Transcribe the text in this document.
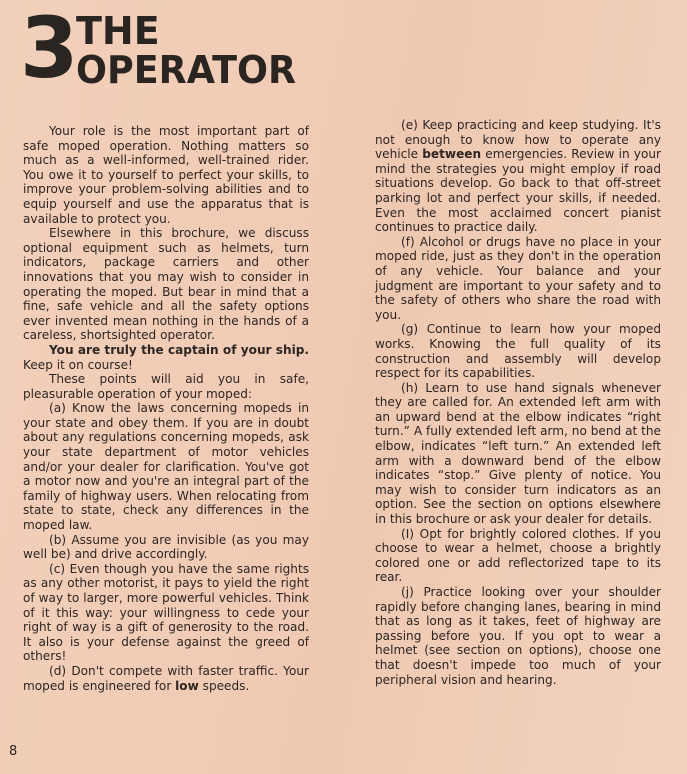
3 THE
OPERATOR

Your role is the most important part of safe moped operation. Nothing matters so much as a well-informed, well-trained rider. You owe it to yourself to perfect your skills, to improve your problem-solving abilities and to equip yourself and use the apparatus that is available to protect you.

Elsewhere in this brochure, we discuss optional equipment such as helmets, turn indicators, package carriers and other innovations that you may wish to consider in operating the moped. But bear in mind that a fine, safe vehicle and all the safety options ever invented mean nothing in the hands of a careless, shortsighted operator.

You are truly the captain of your ship. Keep it on course!

These points will aid you in safe, pleasurable operation of your moped:

(a) Know the laws concerning mopeds in your state and obey them. If you are in doubt about any regulations concerning mopeds, ask your state department of motor vehicles and/or your dealer for clarification. You've got a motor now and you're an integral part of the family of highway users. When relocating from state to state, check any differences in the moped law.

(b) Assume you are invisible (as you may well be) and drive accordingly.

(c) Even though you have the same rights as any other motorist, it pays to yield the right of way to larger, more powerful vehicles. Think of it this way: your willingness to cede your right of way is a gift of generosity to the road. It also is your defense against the greed of others!

(d) Don't compete with faster traffic. Your moped is engineered for low speeds.

(e) Keep practicing and keep studying. It's not enough to know how to operate any vehicle between emergencies. Review in your mind the strategies you might employ if road situations develop. Go back to that off-street parking lot and perfect your skills, if needed. Even the most acclaimed concert pianist continues to practice daily.

(f) Alcohol or drugs have no place in your moped ride, just as they don't in the operation of any vehicle. Your balance and your judgment are important to your safety and to the safety of others who share the road with you.

(g) Continue to learn how your moped works. Knowing the full quality of its construction and assembly will develop respect for its capabilities.

(h) Learn to use hand signals whenever they are called for. An extended left arm with an upward bend at the elbow indicates “right turn.” A fully extended left arm, no bend at the elbow, indicates “left turn.” An extended left arm with a downward bend of the elbow indicates “stop.” Give plenty of notice. You may wish to consider turn indicators as an option. See the section on options elsewhere in this brochure or ask your dealer for details.

(I) Opt for brightly colored clothes. If you choose to wear a helmet, choose a brightly colored one or add reflectorized tape to its rear.

(j) Practice looking over your shoulder rapidly before changing lanes, bearing in mind that as long as it takes, feet of highway are passing before you. If you opt to wear a helmet (see section on options), choose one that doesn't impede too much of your peripheral vision and hearing.

8
